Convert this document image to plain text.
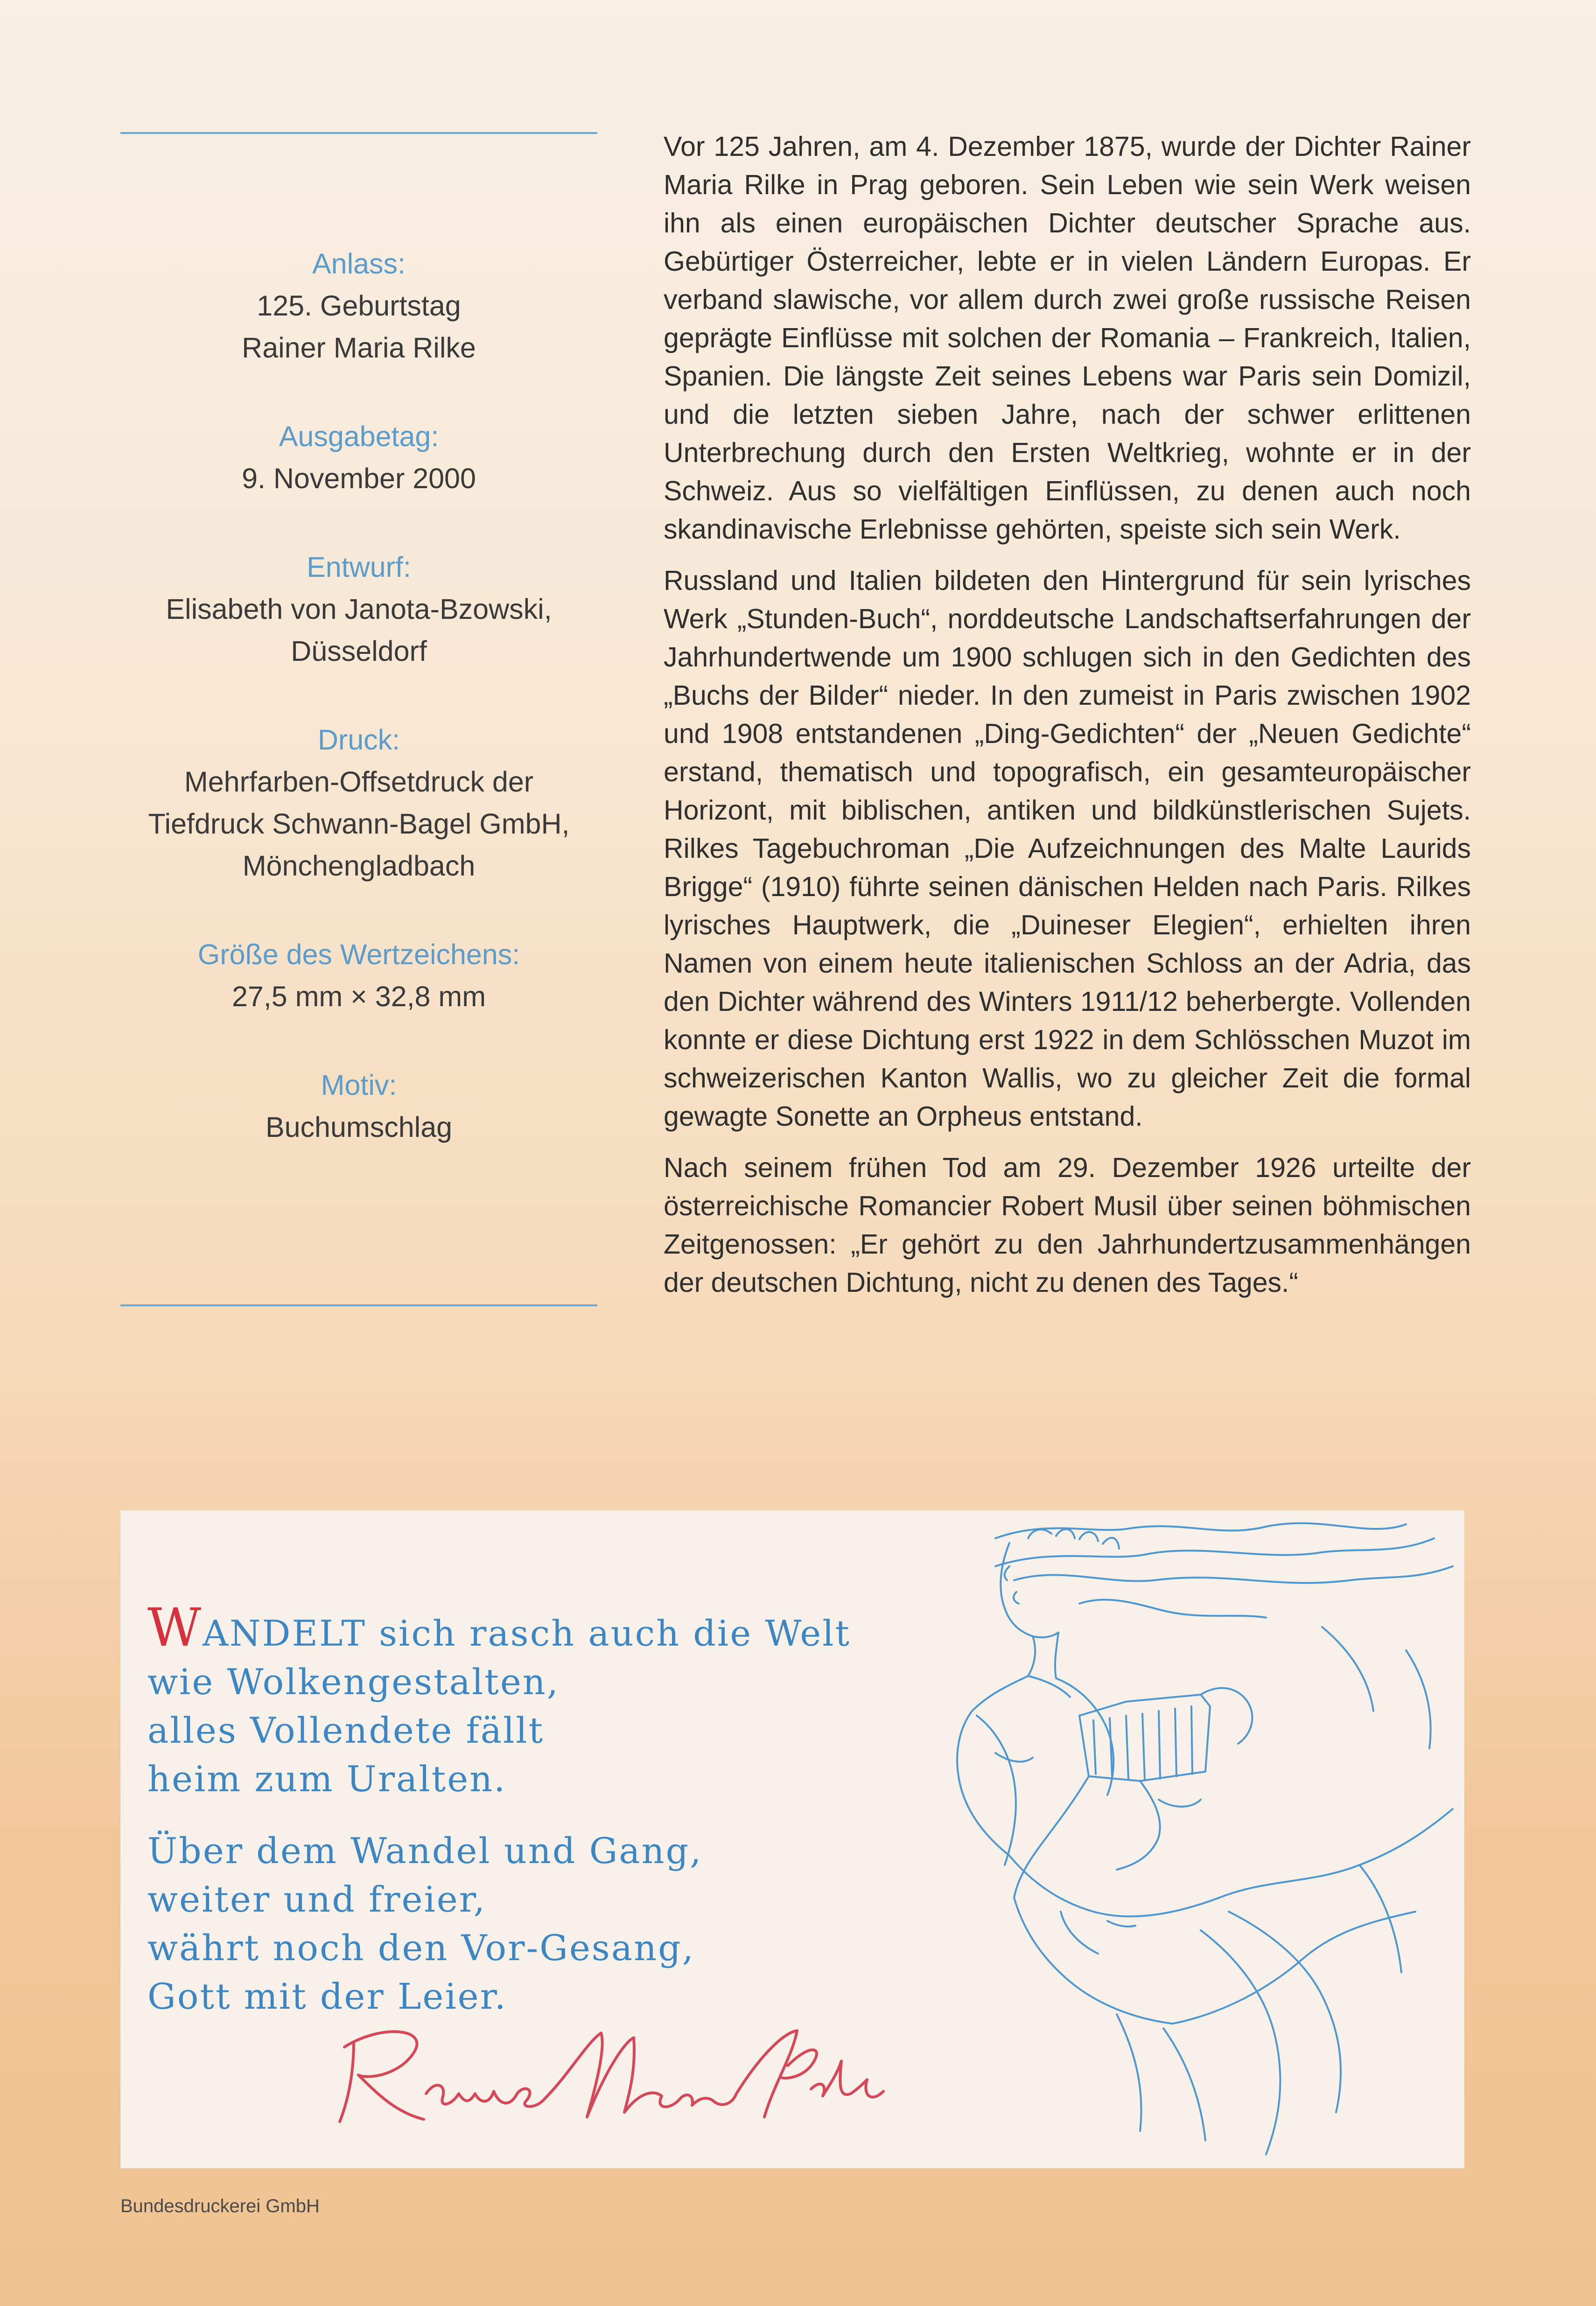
Anlass:
125. Geburtstag
Rainer Maria Rilke
Ausgabetag:
9. November 2000
Entwurf:
Elisabeth von Janota-Bzowski,
Düsseldorf
Druck:
Mehrfarben-Offsetdruck der
Tiefdruck Schwann-Bagel GmbH,
Mönchengladbach
Größe des Wertzeichens:
27,5 mm × 32,8 mm
Motiv:
Buchumschlag

Vor 125 Jahren, am 4. Dezember 1875, wurde der Dichter Rainer Maria Rilke in Prag geboren. Sein Leben wie sein Werk weisen ihn als einen europäischen Dichter deutscher Sprache aus. Gebürtiger Österreicher, lebte er in vielen Ländern Europas. Er verband slawische, vor allem durch zwei große russische Reisen geprägte Einflüsse mit solchen der Romania – Frankreich, Italien, Spanien. Die längste Zeit seines Lebens war Paris sein Domizil, und die letzten sieben Jahre, nach der schwer erlittenen Unterbrechung durch den Ersten Weltkrieg, wohnte er in der Schweiz. Aus so vielfältigen Einflüssen, zu denen auch noch skandinavische Erlebnisse gehörten, speiste sich sein Werk.

Russland und Italien bildeten den Hintergrund für sein lyrisches Werk „Stunden-Buch“, norddeutsche Landschaftserfahrungen der Jahrhundertwende um 1900 schlugen sich in den Gedichten des „Buchs der Bilder“ nieder. In den zumeist in Paris zwischen 1902 und 1908 entstandenen „Ding-Gedichten“ der „Neuen Gedichte“ erstand, thematisch und topografisch, ein gesamteuropäischer Horizont, mit biblischen, antiken und bildkünstlerischen Sujets. Rilkes Tagebuchroman „Die Aufzeichnungen des Malte Laurids Brigge“ (1910) führte seinen dänischen Helden nach Paris. Rilkes lyrisches Hauptwerk, die „Duineser Elegien“, erhielten ihren Namen von einem heute italienischen Schloss an der Adria, das den Dichter während des Winters 1911/12 beherbergte. Vollenden konnte er diese Dichtung erst 1922 in dem Schlösschen Muzot im schweizerischen Kanton Wallis, wo zu gleicher Zeit die formal gewagte Sonette an Orpheus entstand.

Nach seinem frühen Tod am 29. Dezember 1926 urteilte der österreichische Romancier Robert Musil über seinen böhmischen Zeitgenossen: „Er gehört zu den Jahrhundertzusammenhängen der deutschen Dichtung, nicht zu denen des Tages.“

WANDELT sich rasch auch die Welt
wie Wolkengestalten,
alles Vollendete fällt
heim zum Uralten.
Über dem Wandel und Gang,
weiter und freier,
währt noch den Vor-Gesang,
Gott mit der Leier.
Bundesdruckerei GmbH
